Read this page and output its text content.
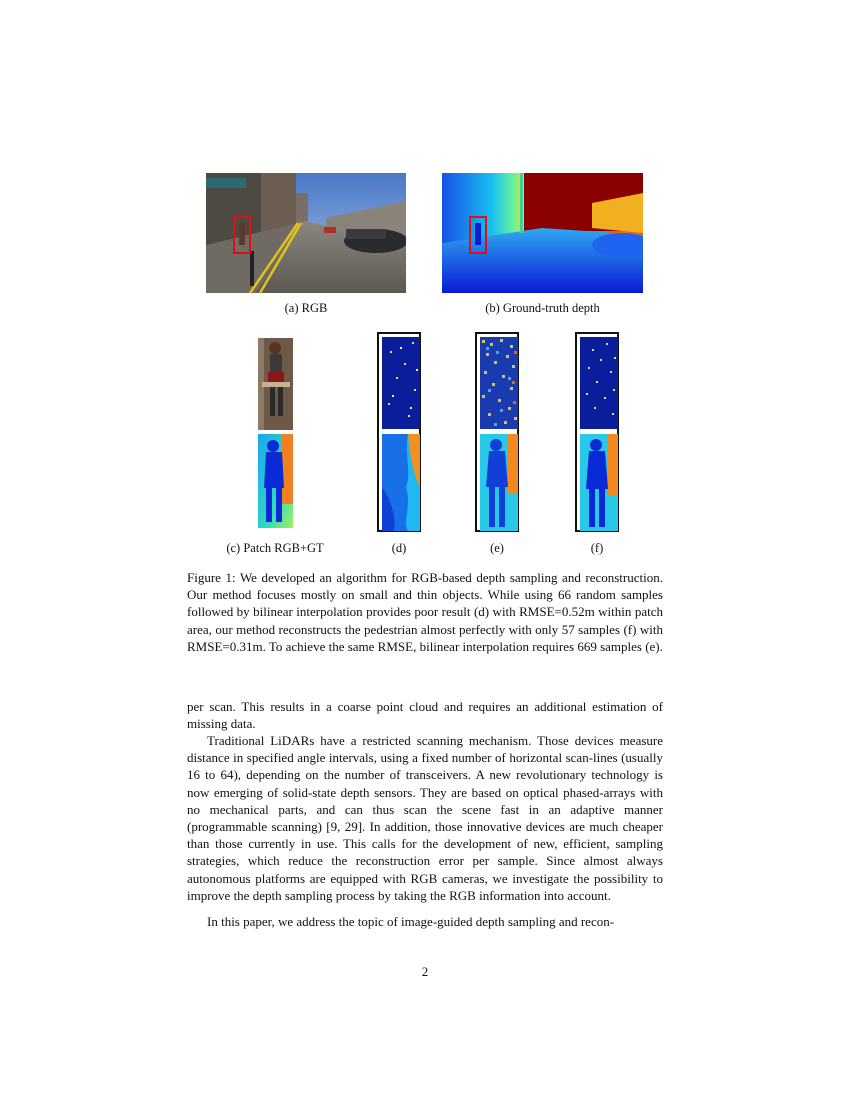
(a) RGB	(b) Ground-truth depth
(c) Patch RGB+GT	(d)	(e)	(f)

Figure 1: We developed an algorithm for RGB-based depth sampling and reconstruction. Our method focuses mostly on small and thin objects. While using 66 random samples followed by bilinear interpolation provides poor result (d) with RMSE=0.52m within patch area, our method reconstructs the pedestrian almost perfectly with only 57 samples (f) with RMSE=0.31m. To achieve the same RMSE, bilinear interpolation requires 669 samples (e).

per scan. This results in a coarse point cloud and requires an additional estimation of missing data.

Traditional LiDARs have a restricted scanning mechanism. Those devices measure distance in specified angle intervals, using a fixed number of horizontal scan-lines (usually 16 to 64), depending on the number of transceivers. A new revolutionary technology is now emerging of solid-state depth sensors. They are based on optical phased-arrays with no mechanical parts, and can thus scan the scene fast in an adaptive manner (programmable scanning) [9, 29]. In addition, those innovative devices are much cheaper than those currently in use. This calls for the development of new, efficient, sampling strategies, which reduce the reconstruction error per sample. Since almost always autonomous platforms are equipped with RGB cameras, we investigate the possibility to improve the depth sampling process by taking the RGB information into account.

In this paper, we address the topic of image-guided depth sampling and recon-

2
